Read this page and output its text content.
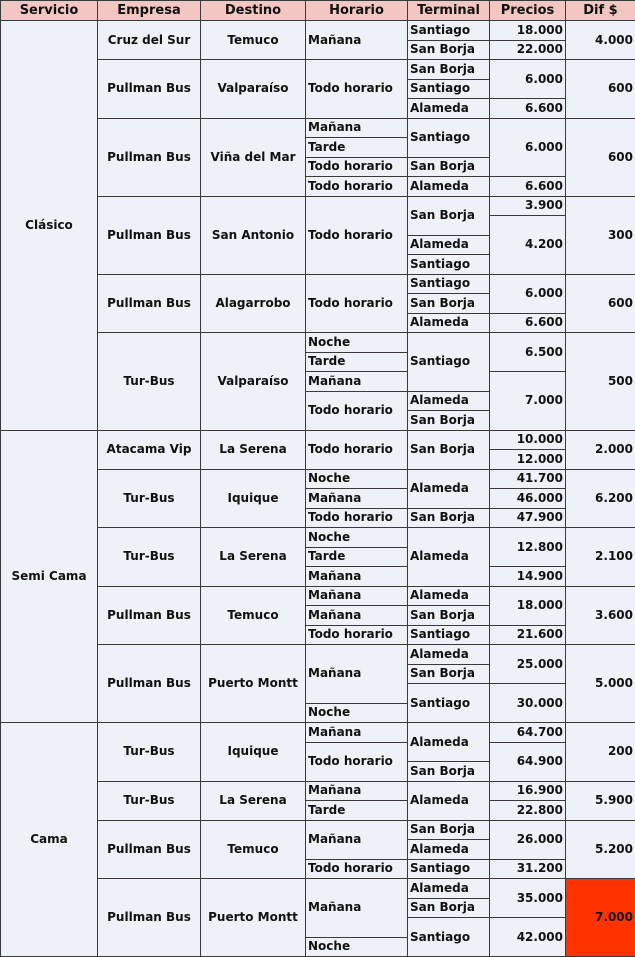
Servicio	Empresa	Destino	Horario	Terminal	Precios	Dif $
Clásico	Cruz del Sur	Temuco	Mañana	Santiago	18.000	4.000
				San Borja	22.000	
	Pullman Bus	Valparaíso	Todo horario	San Borja	6.000	600
				Santiago		
				Alameda	6.600	
	Pullman Bus	Viña del Mar	Mañana	Santiago	6.000	600
			Tarde			
			Todo horario	San Borja		
			Todo horario	Alameda	6.600	
	Pullman Bus	San Antonio	Todo horario	San Borja	3.900	300
					4.200	
				Alameda		
				Santiago		
	Pullman Bus	Alagarrobo	Todo horario	Santiago	6.000	600
				San Borja		
				Alameda	6.600	
	Tur-Bus	Valparaíso	Noche	Santiago	6.500	500
			Tarde			
			Mañana		7.000	
			Todo horario	Alameda		
				San Borja		
Semi Cama	Atacama Vip	La Serena	Todo horario	San Borja	10.000	2.000
					12.000	
	Tur-Bus	Iquique	Noche	Alameda	41.700	6.200
			Mañana		46.000	
			Todo horario	San Borja	47.900	
	Tur-Bus	La Serena	Noche	Alameda	12.800	2.100
			Tarde			
			Mañana		14.900	
	Pullman Bus	Temuco	Mañana	Alameda	18.000	3.600
			Mañana	San Borja		
			Todo horario	Santiago	21.600	
	Pullman Bus	Puerto Montt	Mañana	Alameda	25.000	5.000
				San Borja		
				Santiago	30.000	
			Noche			
Cama	Tur-Bus	Iquique	Mañana	Alameda	64.700	200
			Todo horario		64.900	
				San Borja		
	Tur-Bus	La Serena	Mañana	Alameda	16.900	5.900
			Tarde		22.800	
	Pullman Bus	Temuco	Mañana	San Borja	26.000	5.200
				Alameda		
			Todo horario	Santiago	31.200	
	Pullman Bus	Puerto Montt	Mañana	Alameda	35.000	7.000
				San Borja		
				Santiago	42.000	
			Noche			
